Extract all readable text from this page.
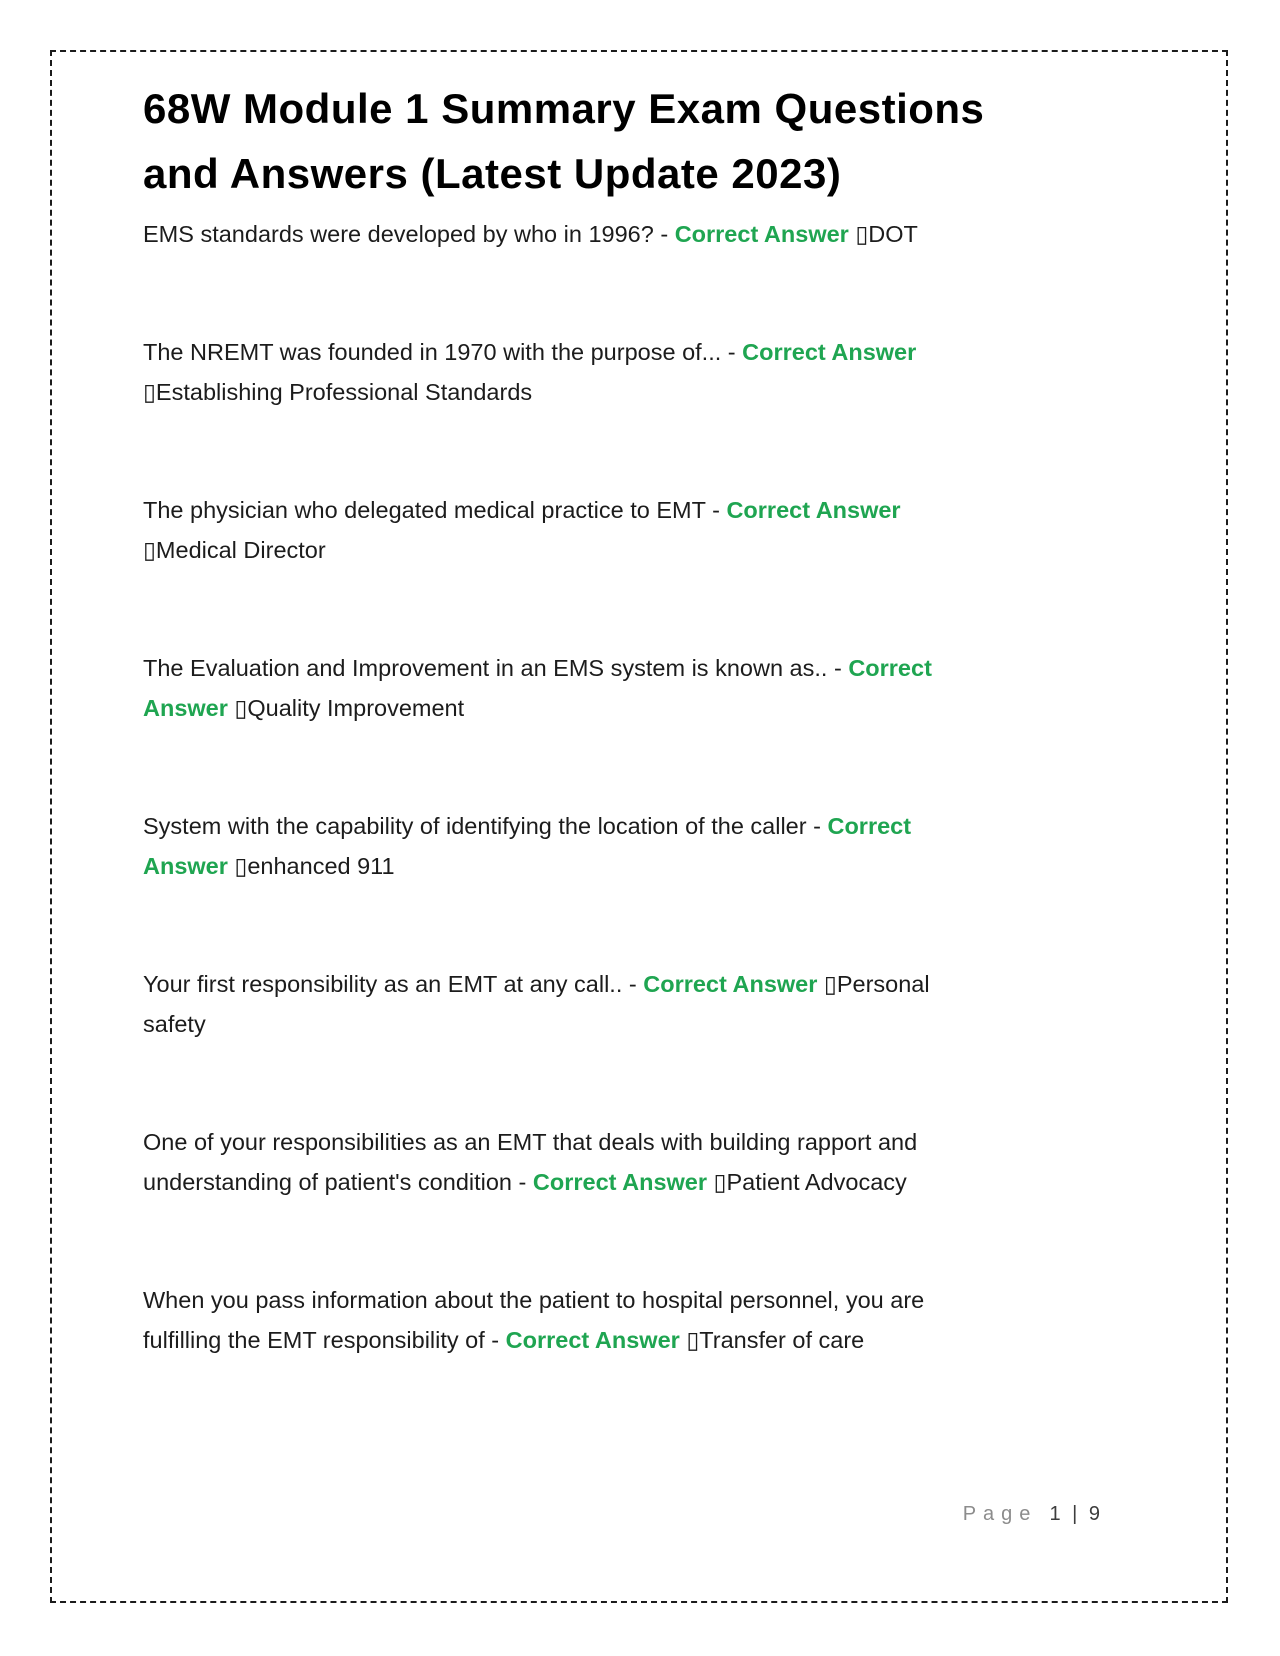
68W Module 1 Summary Exam Questions
and Answers (Latest Update 2023)
EMS standards were developed by who in 1996? - Correct Answer ▯DOT
The NREMT was founded in 1970 with the purpose of... - Correct Answer
▯Establishing Professional Standards
The physician who delegated medical practice to EMT - Correct Answer
▯Medical Director
The Evaluation and Improvement in an EMS system is known as.. - Correct
Answer ▯Quality Improvement
System with the capability of identifying the location of the caller - Correct
Answer ▯enhanced 911
Your first responsibility as an EMT at any call.. - Correct Answer ▯Personal
safety
One of your responsibilities as an EMT that deals with building rapport and
understanding of patient's condition - Correct Answer ▯Patient Advocacy
When you pass information about the patient to hospital personnel, you are
fulfilling the EMT responsibility of - Correct Answer ▯Transfer of care
Page 1 | 9
